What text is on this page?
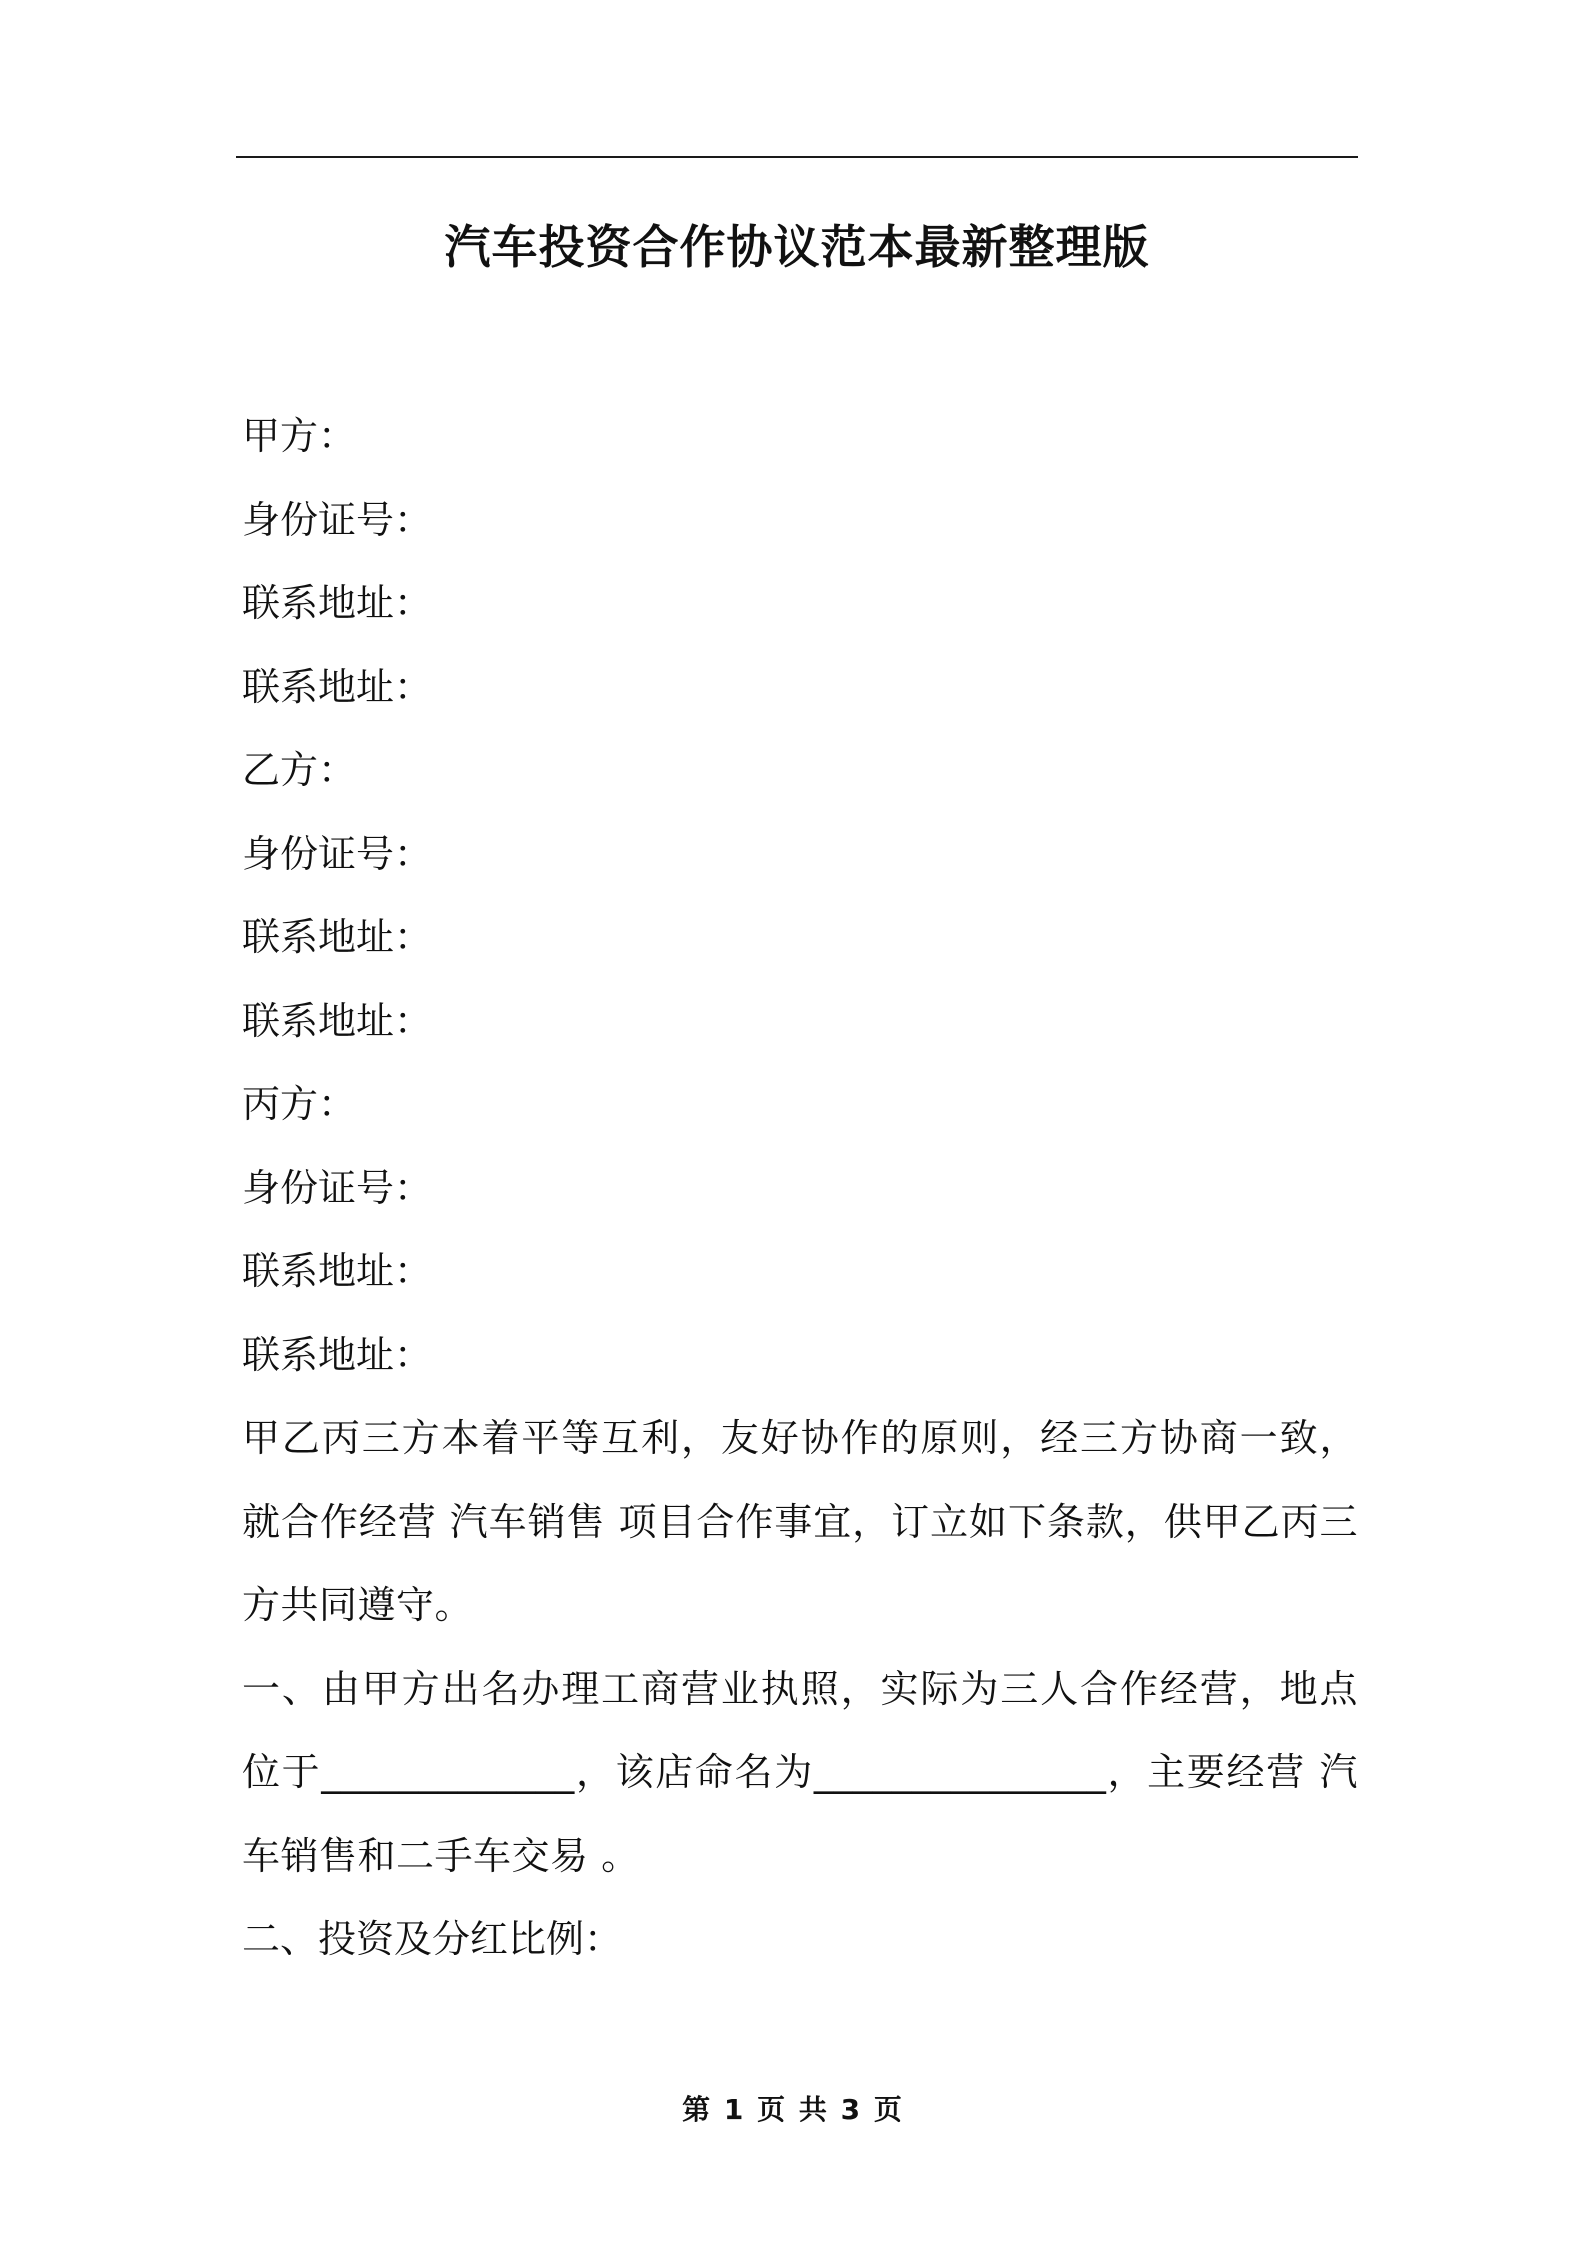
汽车投资合作协议范本最新整理版

甲方：

身份证号：

联系地址：

联系地址：

乙方：

身份证号：

联系地址：

联系地址：

丙方：

身份证号：

联系地址：

联系地址：

甲乙丙三方本着平等互利，友好协作的原则，经三方协商一致，就合作经营 汽车销售 项目合作事宜，订立如下条款，供甲乙丙三方共同遵守。

一、由甲方出名办理工商营业执照，实际为三人合作经营，地点位于_____________，该店命名为_______________，主要经营 汽车销售和二手车交易 。

二、投资及分红比例：

第 1 页 共 3 页
